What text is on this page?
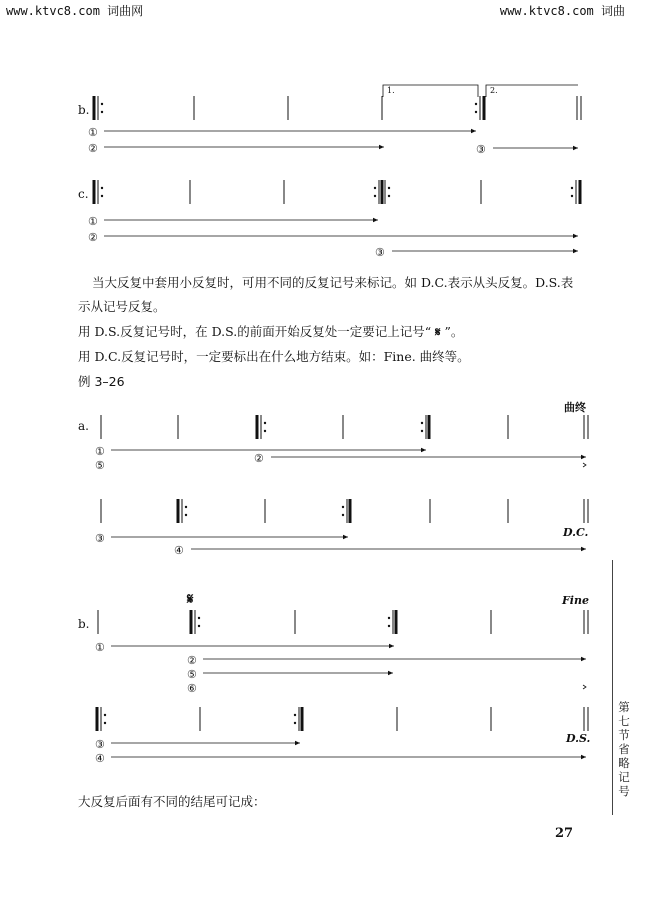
www.ktvc8.com 词曲网	www.ktvc8.com 词曲
b.
1.	2.
①
②	③
c.
①
②
③
曲终
a.
①
⑤
②
D.C.
③
④
𝄋	Fine
b.
①
②
⑤
⑥
D.S.
③
④
当大反复中套用小反复时，可用不同的反复记号来标记。如 D.C.表示从头反复。D.S.表
示从记号反复。
用 D.S.反复记号时，在 D.S.的前面开始反复处一定要记上记号“ 𝄋 ”。
用 D.C.反复记号时，一定要标出在什么地方结束。如：Fine. 曲终等。
例 3–26
大反复后面有不同的结尾可记成：
第七节
省略记号
27
